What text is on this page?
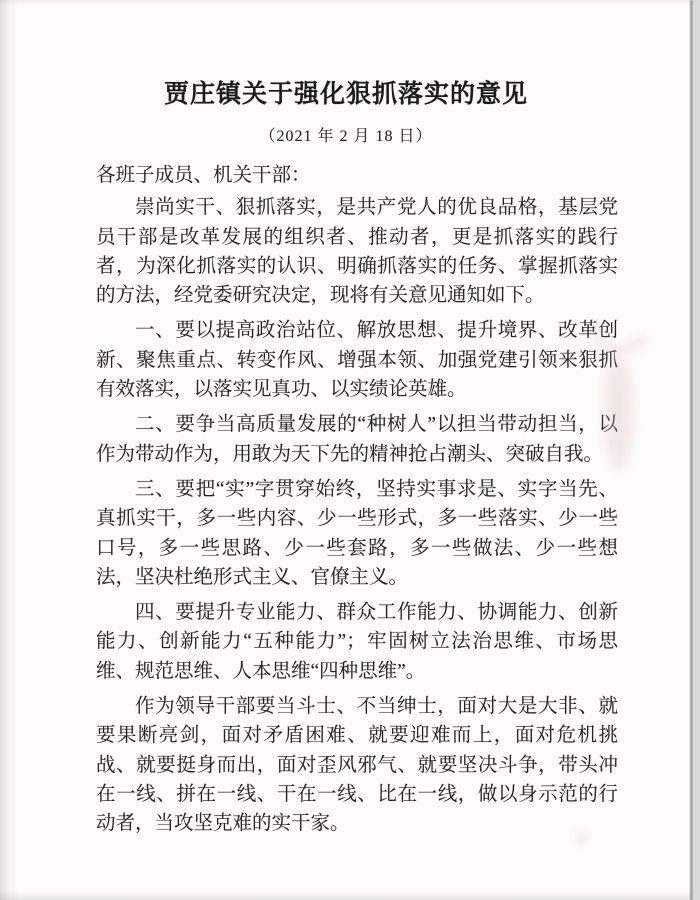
贾庄镇关于强化狠抓落实的意见
（2021 年 2 月 18 日）

各班子成员、机关干部：

崇尚实干、狠抓落实，是共产党人的优良品格，基层党员干部是改革发展的组织者、推动者，更是抓落实的践行者，为深化抓落实的认识、明确抓落实的任务、掌握抓落实的方法，经党委研究决定，现将有关意见通知如下。

一、要以提高政治站位、解放思想、提升境界、改革创新、聚焦重点、转变作风、增强本领、加强党建引领来狠抓有效落实，以落实见真功、以实绩论英雄。

二、要争当高质量发展的“种树人”以担当带动担当，以作为带动作为，用敢为天下先的精神抢占潮头、突破自我。

三、要把“实”字贯穿始终，坚持实事求是、实字当先、真抓实干，多一些内容、少一些形式，多一些落实、少一些口号，多一些思路、少一些套路，多一些做法、少一些想法，坚决杜绝形式主义、官僚主义。

四、要提升专业能力、群众工作能力、协调能力、创新能力、创新能力“五种能力”；牢固树立法治思维、市场思维、规范思维、人本思维“四种思维”。

作为领导干部要当斗士、不当绅士，面对大是大非、就要果断亮剑，面对矛盾困难、就要迎难而上，面对危机挑战、就要挺身而出，面对歪风邪气、就要坚决斗争，带头冲在一线、拼在一线、干在一线、比在一线，做以身示范的行动者，当攻坚克难的实干家。
